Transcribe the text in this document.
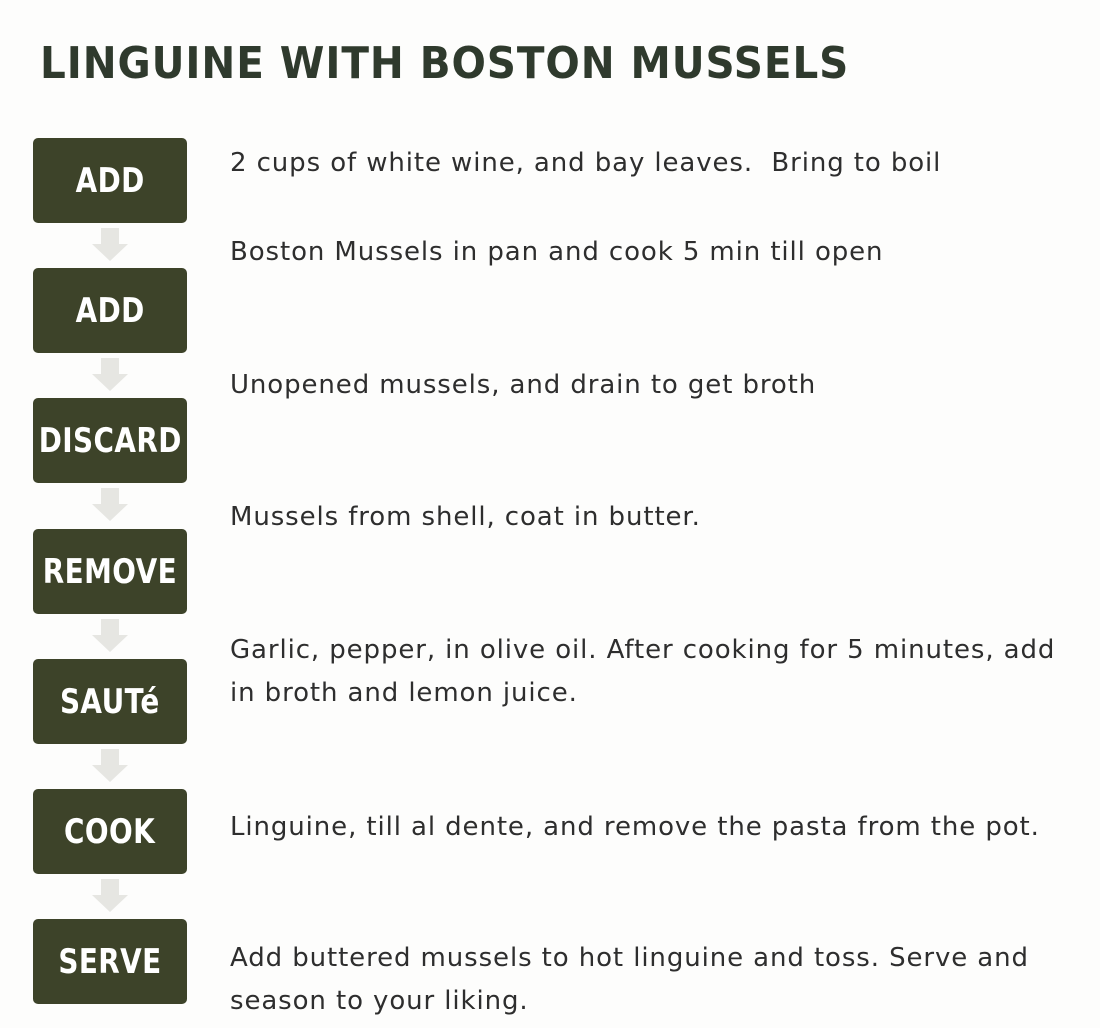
LINGUINE WITH BOSTON MUSSELS
ADD
ADD
DISCARD
REMOVE
SAUTé
COOK
SERVE

2 cups of white wine, and bay leaves.  Bring to boil

Boston Mussels in pan and cook 5 min till open

Unopened mussels, and drain to get broth

Mussels from shell, coat in butter.

Garlic, pepper, in olive oil. After cooking for 5 minutes, add in broth and lemon juice.

Linguine, till al dente, and remove the pasta from the pot.

Add buttered mussels to hot linguine and toss. Serve and season to your liking.
